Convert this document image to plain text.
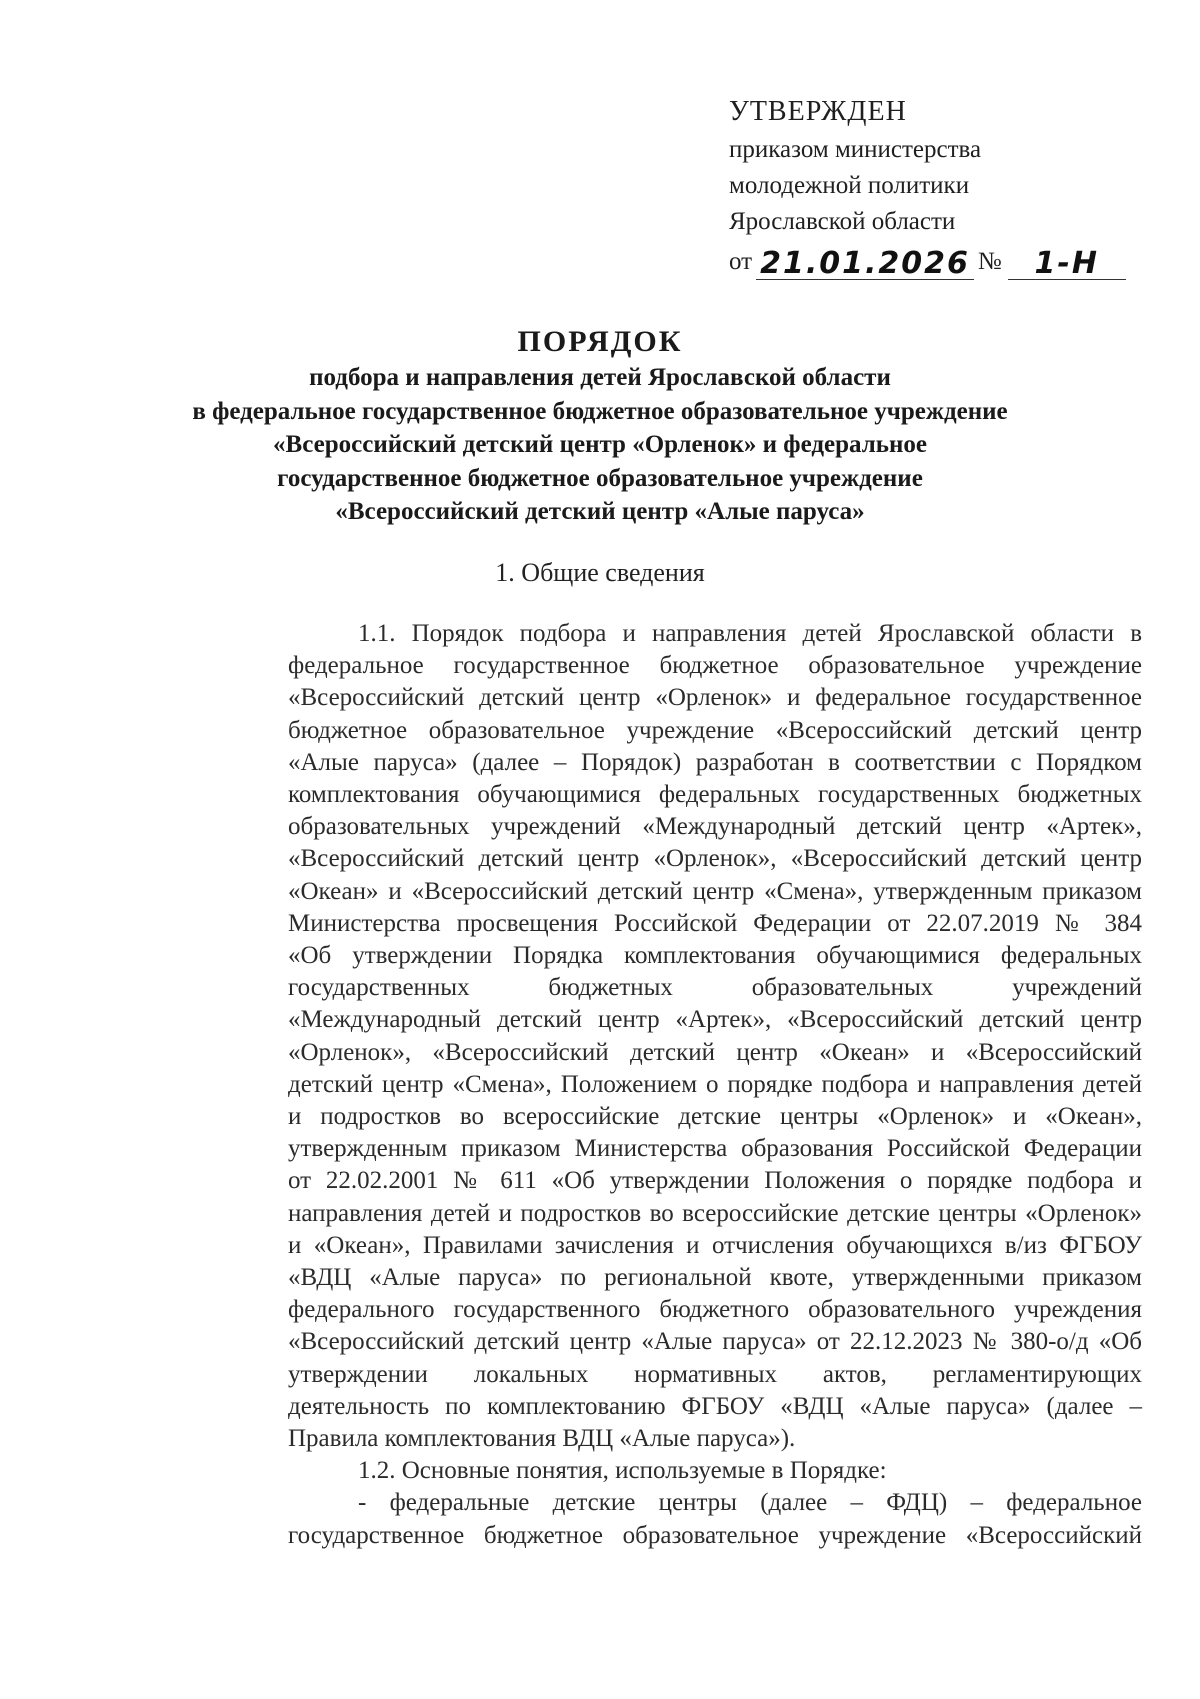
УТВЕРЖДЕН
приказом министерства
молодежной политики
Ярославской области
от 21.01.2026 №	1-Н
ПОРЯДОК
подбора и направления детей Ярославской области
в федеральное государственное бюджетное образовательное учреждение
«Всероссийский детский центр «Орленок» и федеральное
государственное бюджетное образовательное учреждение
«Всероссийский детский центр «Алые паруса»
1. Общие сведения
1.1. Порядок подбора и направления детей Ярославской области в
федеральное государственное бюджетное образовательное учреждение
«Всероссийский детский центр «Орленок» и федеральное государственное
бюджетное образовательное учреждение «Всероссийский детский центр
«Алые паруса» (далее – Порядок) разработан в соответствии с Порядком
комплектования обучающимися федеральных государственных бюджетных
образовательных учреждений «Международный детский центр «Артек»,
«Всероссийский детский центр «Орленок», «Всероссийский детский центр
«Океан» и «Всероссийский детский центр «Смена», утвержденным приказом
Министерства просвещения Российской Федерации от 22.07.2019 № 384
«Об утверждении Порядка комплектования обучающимися федеральных
государственных бюджетных образовательных учреждений
«Международный детский центр «Артек», «Всероссийский детский центр
«Орленок», «Всероссийский детский центр «Океан» и «Всероссийский
детский центр «Смена», Положением о порядке подбора и направления детей
и подростков во всероссийские детские центры «Орленок» и «Океан»,
утвержденным приказом Министерства образования Российской Федерации
от 22.02.2001 № 611 «Об утверждении Положения о порядке подбора и
направления детей и подростков во всероссийские детские центры «Орленок»
и «Океан», Правилами зачисления и отчисления обучающихся в/из ФГБОУ
«ВДЦ «Алые паруса» по региональной квоте, утвержденными приказом
федерального государственного бюджетного образовательного учреждения
«Всероссийский детский центр «Алые паруса» от 22.12.2023 № 380-о/д «Об
утверждении локальных нормативных актов, регламентирующих
деятельность по комплектованию ФГБОУ «ВДЦ «Алые паруса» (далее –
Правила комплектования ВДЦ «Алые паруса»).
1.2. Основные понятия, используемые в Порядке:
- федеральные детские центры (далее – ФДЦ) – федеральное
государственное бюджетное образовательное учреждение «Всероссийский
